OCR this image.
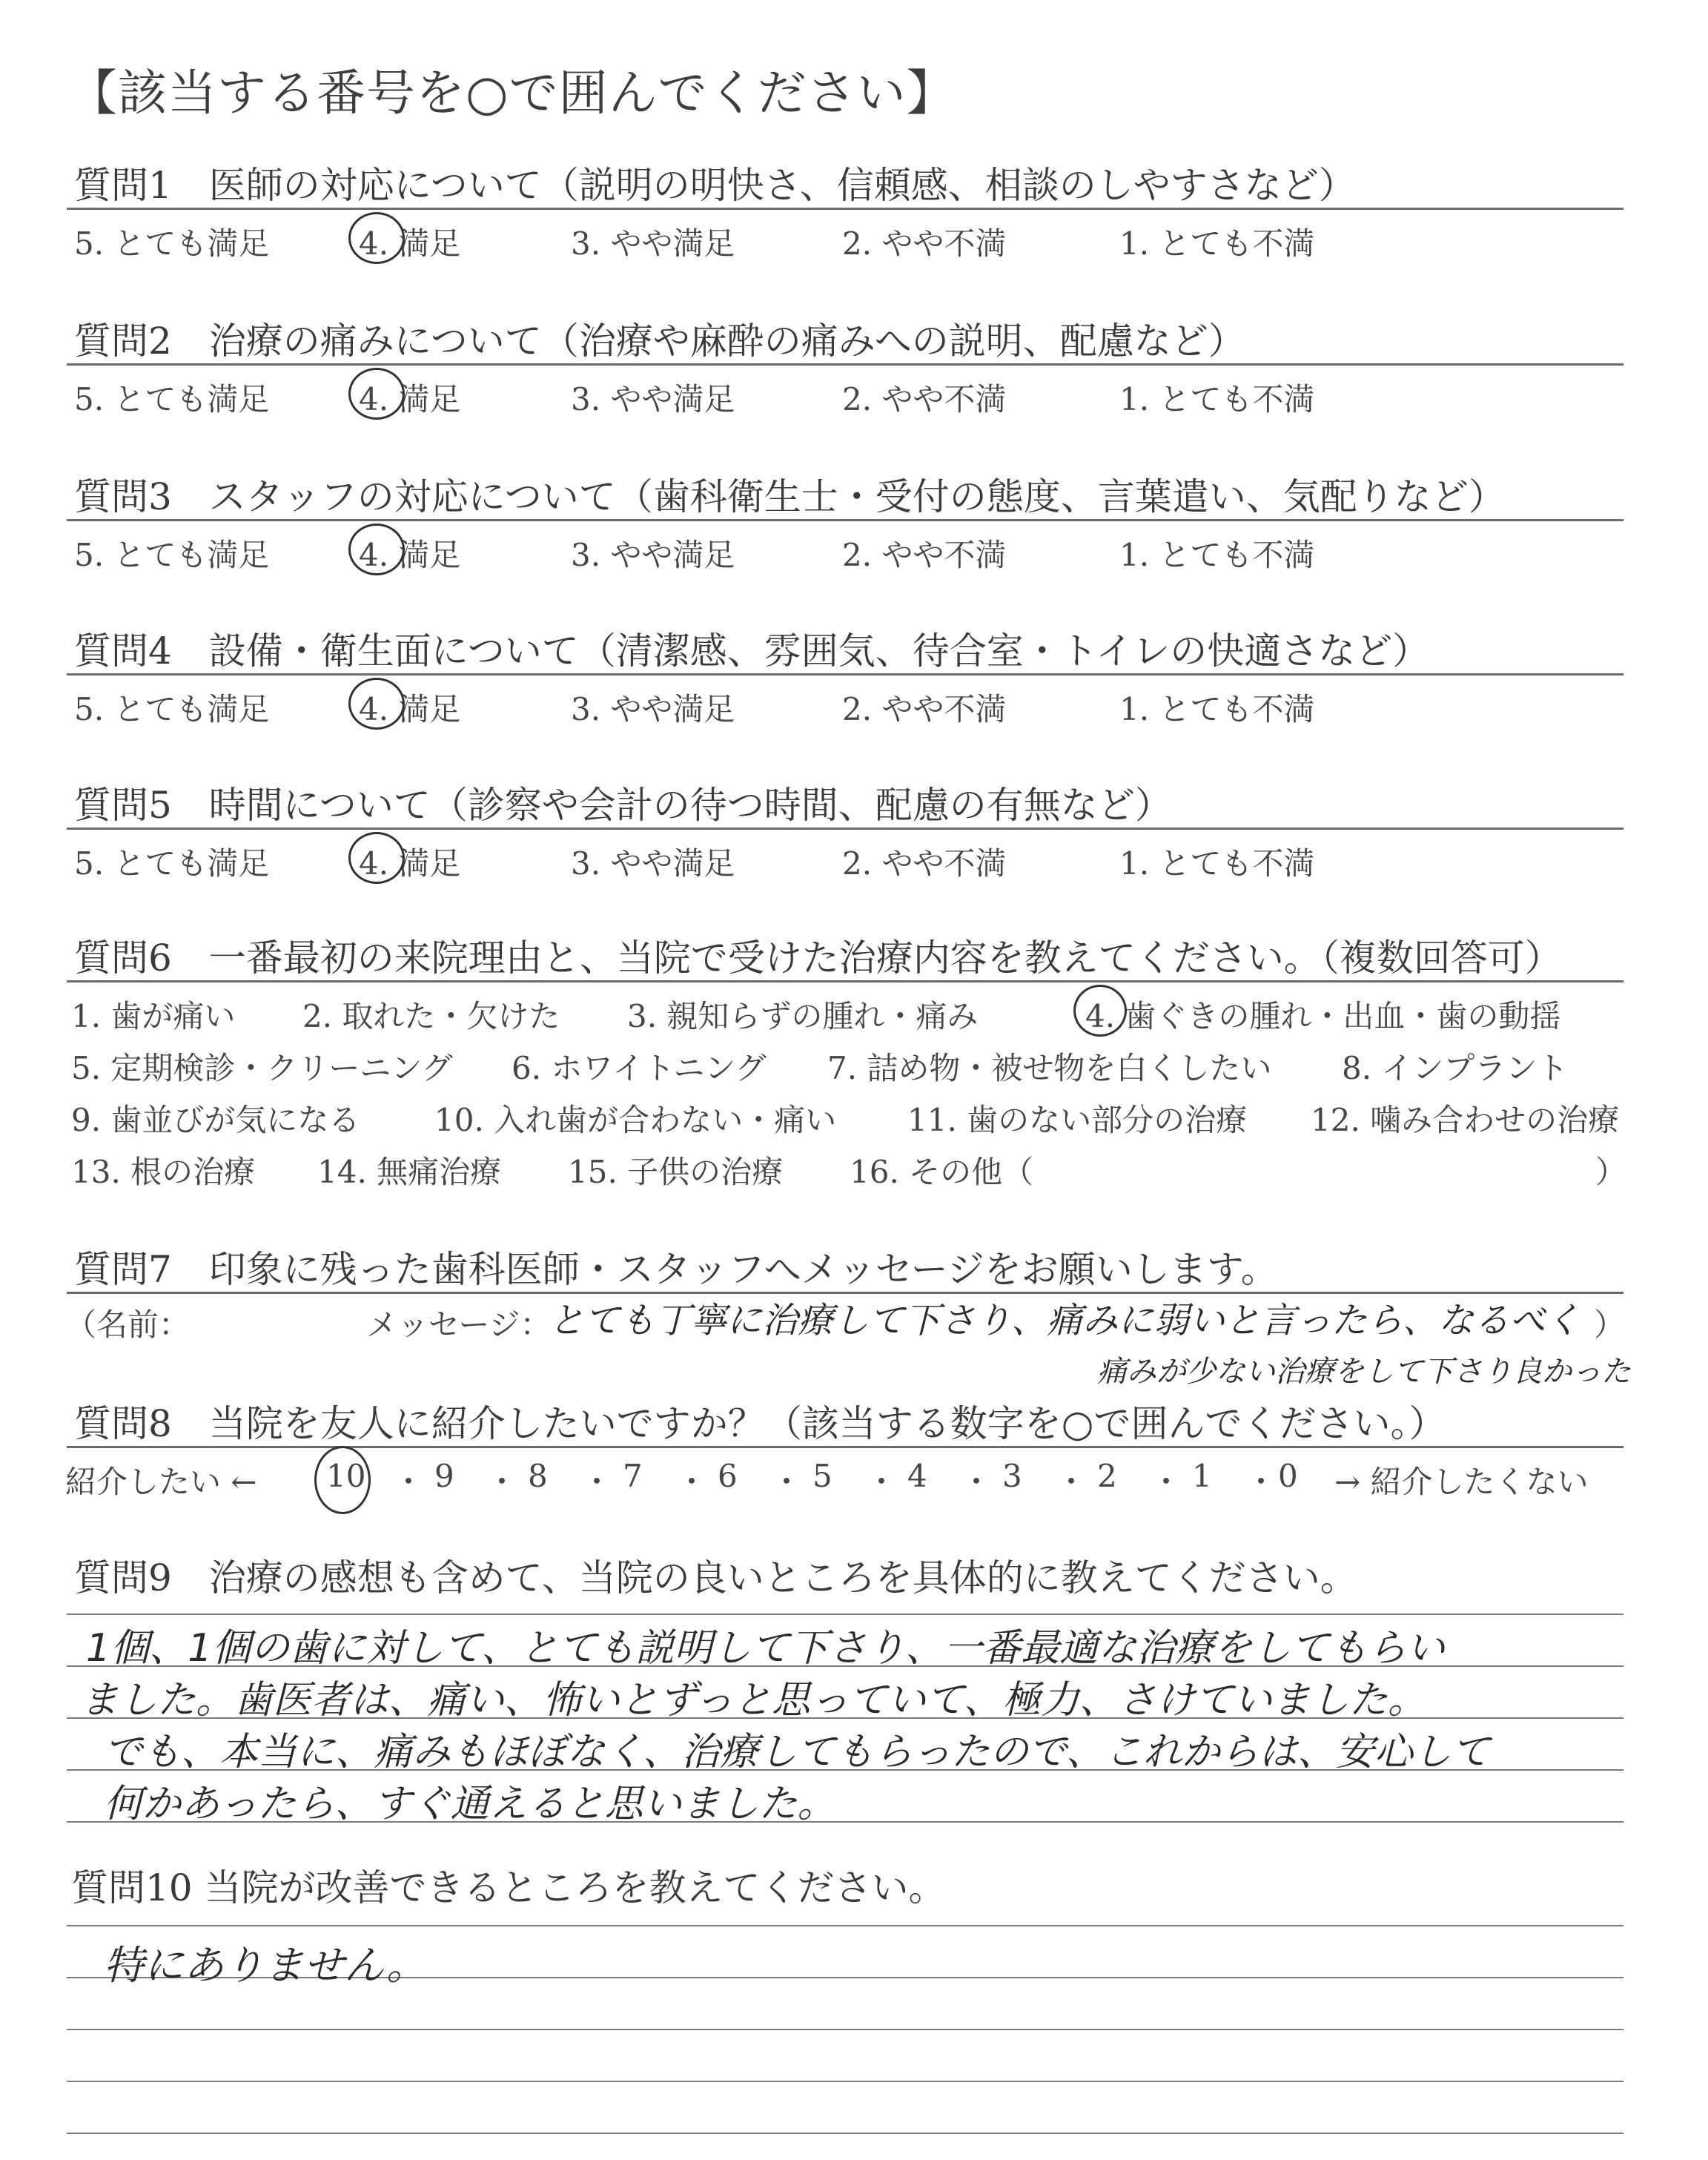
【該当する番号を○で囲んでください】
質問1　医師の対応について（説明の明快さ、信頼感、相談のしやすさなど）
5. とても満足	4. 満足	3. やや満足	2. やや不満	1. とても不満
質問2　治療の痛みについて（治療や麻酔の痛みへの説明、配慮など）
5. とても満足	4. 満足	3. やや満足	2. やや不満	1. とても不満
質問3　スタッフの対応について（歯科衛生士・受付の態度、言葉遣い、気配りなど）
5. とても満足	4. 満足	3. やや満足	2. やや不満	1. とても不満
質問4　設備・衛生面について（清潔感、雰囲気、待合室・トイレの快適さなど）
5. とても満足	4. 満足	3. やや満足	2. やや不満	1. とても不満
質問5　時間について（診察や会計の待つ時間、配慮の有無など）
5. とても満足	4. 満足	3. やや満足	2. やや不満	1. とても不満
質問6　一番最初の来院理由と、当院で受けた治療内容を教えてください。（複数回答可）
1. 歯が痛い 2. 取れた・欠けた 3. 親知らずの腫れ・痛み	4. 歯ぐきの腫れ・出血・歯の動揺
5. 定期検診・クリーニング 6. ホワイトニング 7. 詰め物・被せ物を白くしたい 8. インプラント
9. 歯並びが気になる 10. 入れ歯が合わない・痛い 11. 歯のない部分の治療 12. 噛み合わせの治療
13. 根の治療 14. 無痛治療 15. 子供の治療 16. その他（	）
質問7　印象に残った歯科医師・スタッフへメッセージをお願いします。
（名前：	メッセージ：	）
とても丁寧に治療して下さり、痛みに弱いと言ったら、なるべく
痛みが少ない治療をして下さり良かった
質問8　当院を友人に紹介したいですか？（該当する数字を○で囲んでください。）
紹介したい ← 10 ・ 9 ・ 8 ・ 7 ・ 6 ・ 5 ・ 4 ・ 3 ・ 2 ・ 1 ・ 0 → 紹介したくない
質問9　治療の感想も含めて、当院の良いところを具体的に教えてください。
1個、1個の歯に対して、とても説明して下さり、一番最適な治療をしてもらい
ました。歯医者は、痛い、怖いとずっと思っていて、極力、さけていました。
でも、本当に、痛みもほぼなく、治療してもらったので、これからは、安心して
何かあったら、すぐ通えると思いました。
質問10 当院が改善できるところを教えてください。
特にありません。
